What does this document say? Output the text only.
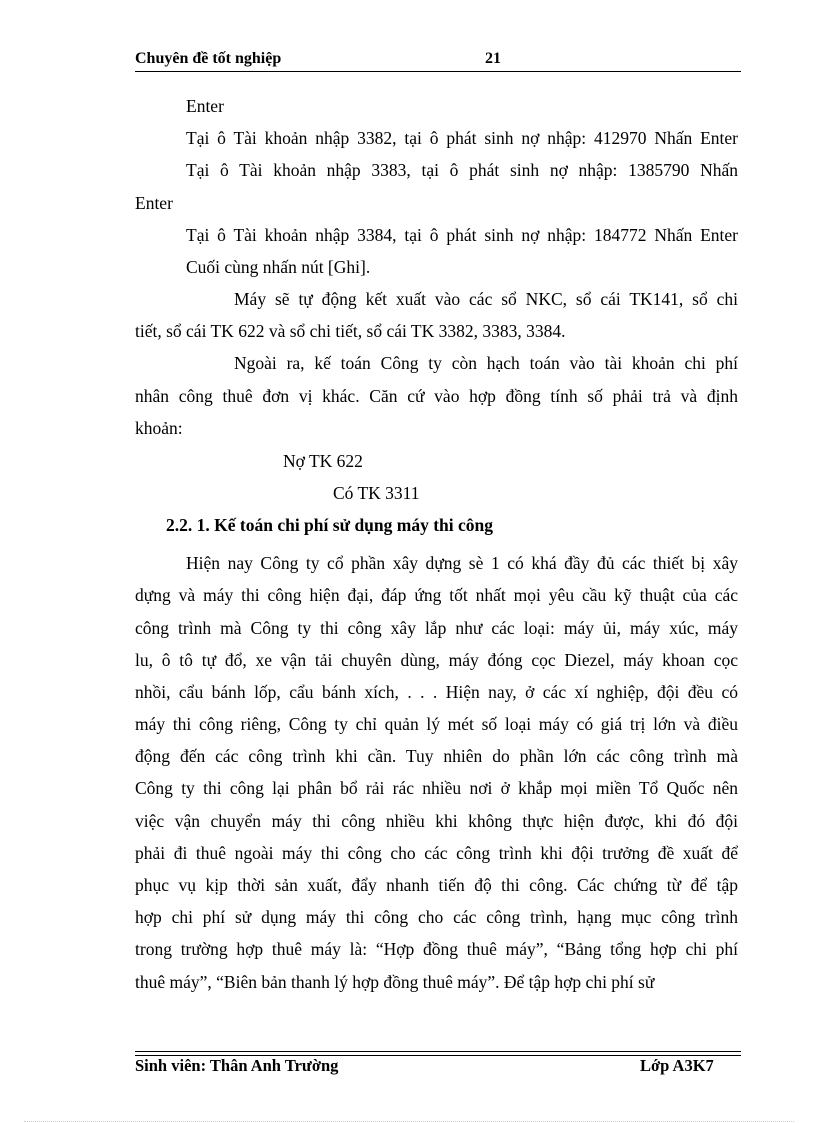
Chuyên đề tốt nghiệp	21
Enter
Tại ô Tài khoản nhập 3382, tại ô phát sinh nợ nhập: 412970 Nhấn Enter
Tại ô Tài khoản nhập 3383, tại ô phát sinh nợ nhập: 1385790 Nhấn
Enter
Tại ô Tài khoản nhập 3384, tại ô phát sinh nợ nhập: 184772 Nhấn Enter
Cuối cùng nhấn nút [Ghi].
Máy sẽ tự động kết xuất vào các sổ NKC, sổ cái TK141, sổ chi
tiết, sổ cái TK 622 và sổ chi tiết, sổ cái TK 3382, 3383, 3384.
Ngoài ra, kế toán Công ty còn hạch toán vào tài khoản chi phí
nhân công thuê đơn vị khác. Căn cứ vào hợp đồng tính số phải trả và định
khoản:
Nợ TK 622
Có TK 3311
2.2. 1. Kế toán chi phí sử dụng máy thi công
Hiện nay Công ty cổ phần xây dựng sè 1 có khá đầy đủ các thiết bị xây
dựng và máy thi công hiện đại, đáp ứng tốt nhất mọi yêu cầu kỹ thuật của các
công trình mà Công ty thi công xây lắp như các loại: máy ủi, máy xúc, máy
lu, ô tô tự đổ, xe vận tải chuyên dùng, máy đóng cọc Diezel, máy khoan cọc
nhồi, cẩu bánh lốp, cẩu bánh xích, . . . Hiện nay, ở các xí nghiệp, đội đều có
máy thi công riêng, Công ty chỉ quản lý mét số loại máy có giá trị lớn và điều
động đến các công trình khi cần. Tuy nhiên do phần lớn các công trình mà
Công ty thi công lại phân bổ rải rác nhiều nơi ở khắp mọi miền Tổ Quốc nên
việc vận chuyển máy thi công nhiều khi không thực hiện được, khi đó đội
phải đi thuê ngoài máy thi công cho các công trình khi đội trưởng đề xuất để
phục vụ kịp thời sản xuất, đẩy nhanh tiến độ thi công. Các chứng từ để tập
hợp chi phí sử dụng máy thi công cho các công trình, hạng mục công trình
trong trường hợp thuê máy là: “Hợp đồng thuê máy”, “Bảng tổng hợp chi phí
thuê máy”, “Biên bản thanh lý hợp đồng thuê máy”. Để tập hợp chi phí sử
Sinh viên: Thân Anh Trường	Lớp A3K7
